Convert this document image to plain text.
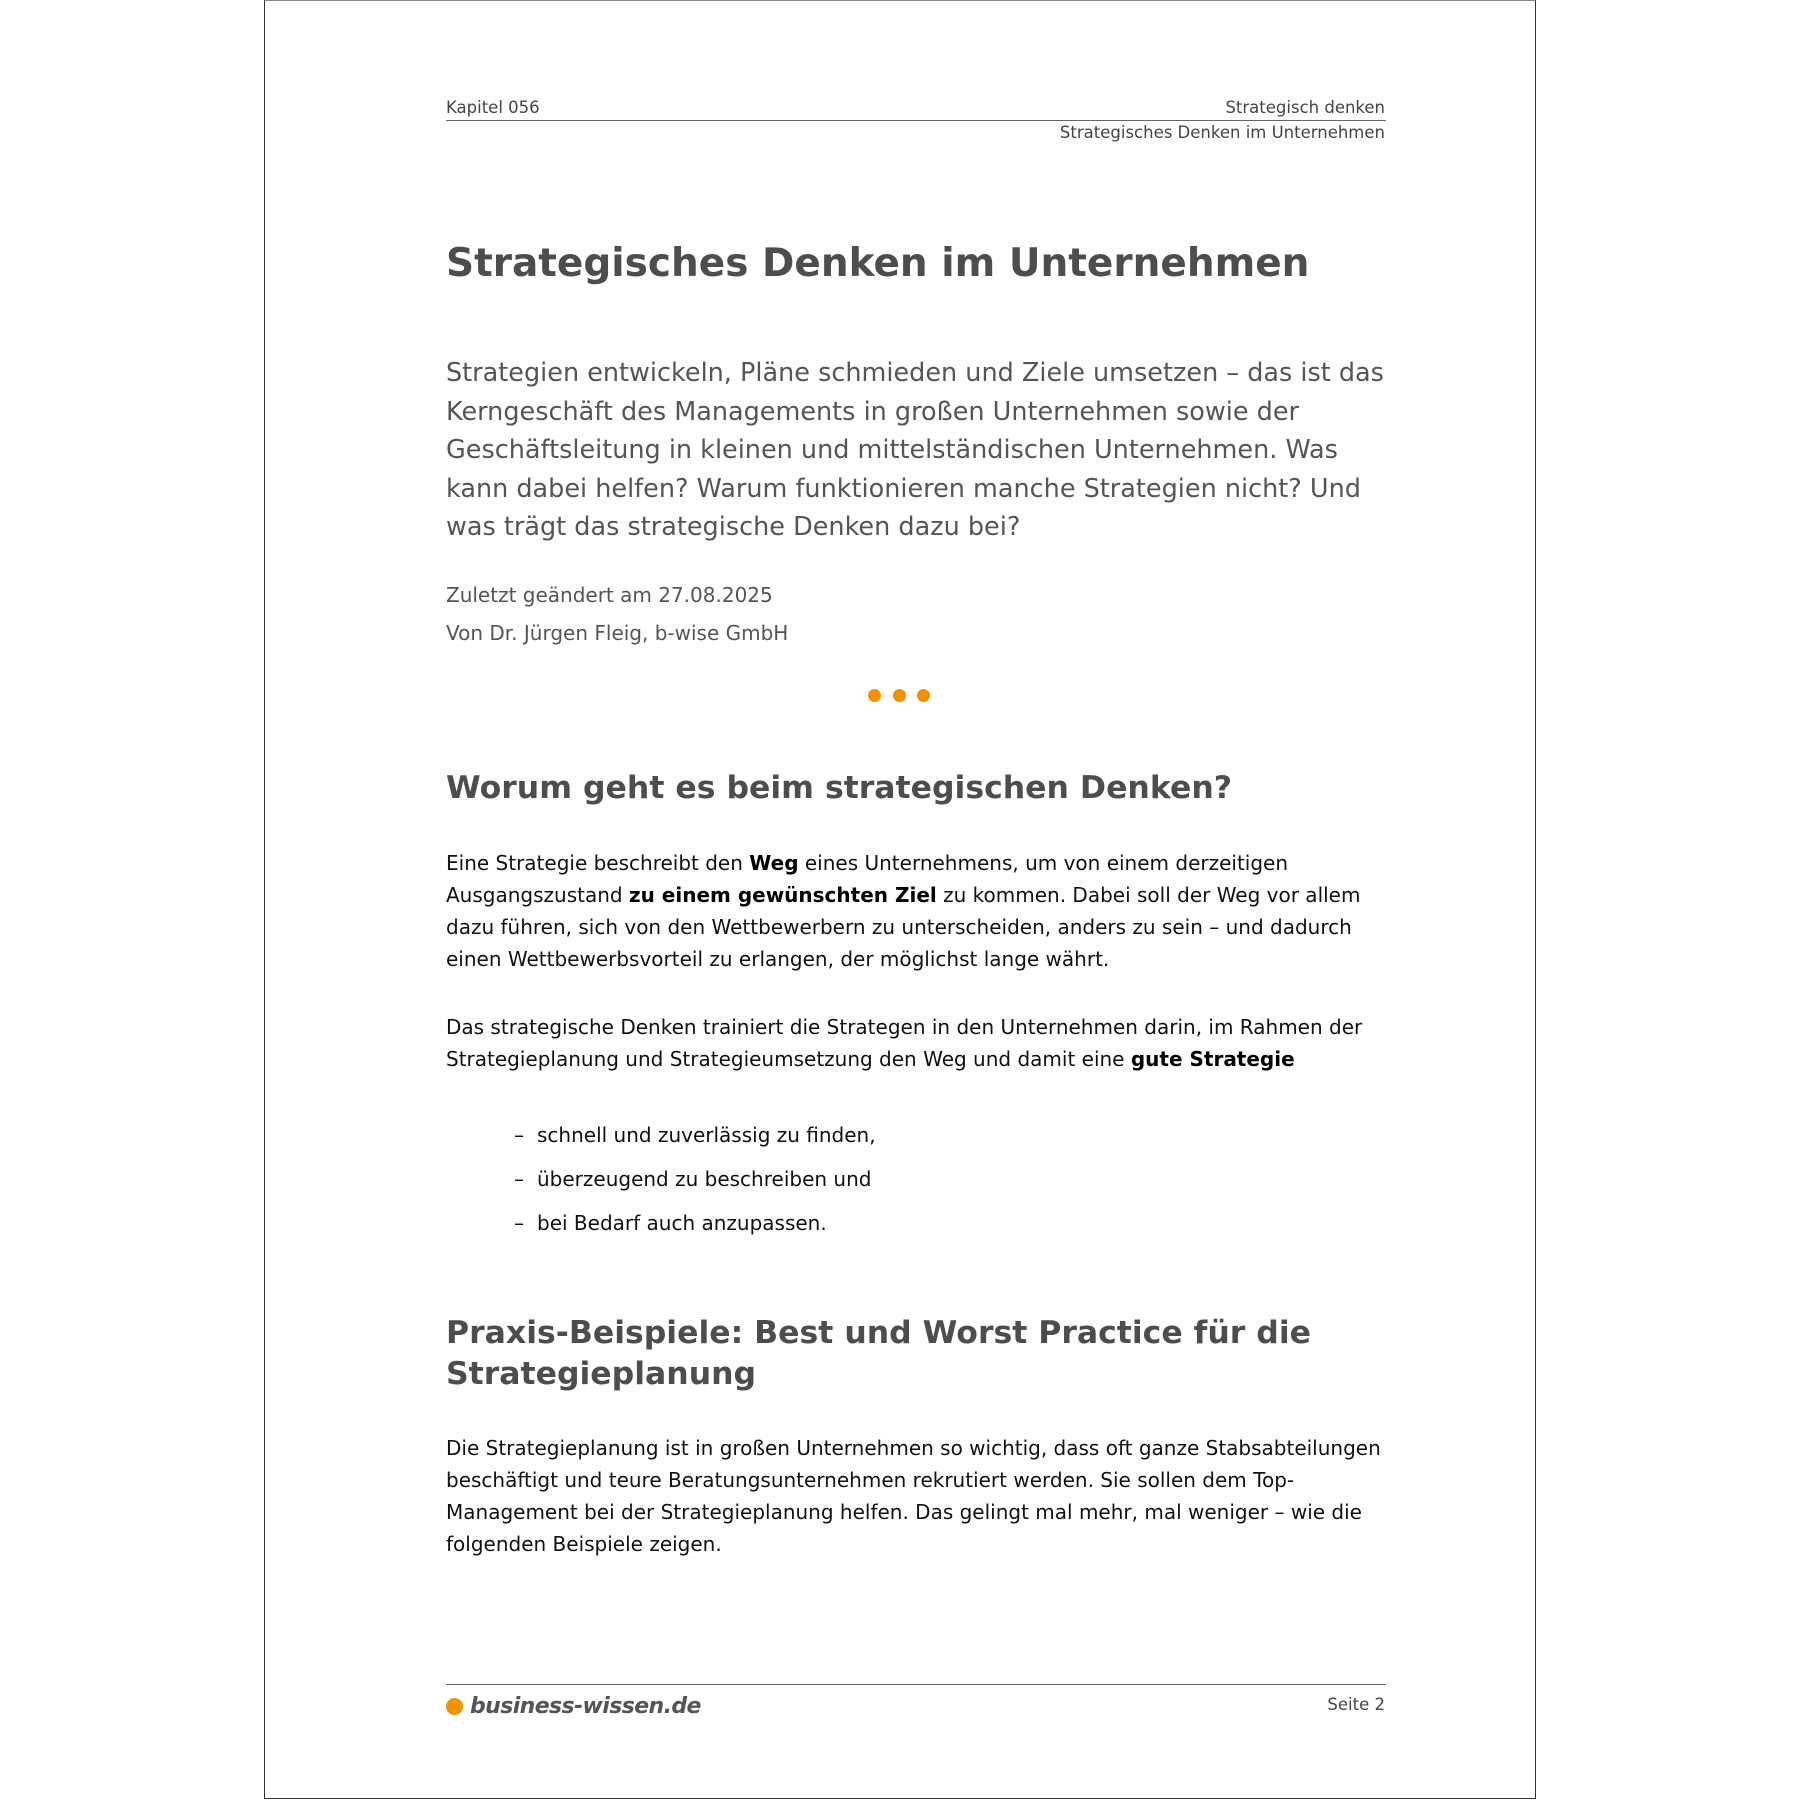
Kapitel 056	Strategisch denken
Strategisches Denken im Unternehmen
Strategisches Denken im Unternehmen

Strategien entwickeln, Pläne schmieden und Ziele umsetzen – das ist das Kerngeschäft des Managements in großen Unternehmen sowie der Geschäftsleitung in kleinen und mittelständischen Unternehmen. Was kann dabei helfen? Warum funktionieren manche Strategien nicht? Und was trägt das strategische Denken dazu bei?

Zuletzt geändert am 27.08.2025
Von Dr. Jürgen Fleig, b-wise GmbH
Worum geht es beim strategischen Denken?

Eine Strategie beschreibt den Weg eines Unternehmens, um von einem derzeitigen Ausgangszustand zu einem gewünschten Ziel zu kommen. Dabei soll der Weg vor allem dazu führen, sich von den Wettbewerbern zu unterscheiden, anders zu sein – und dadurch einen Wettbewerbsvorteil zu erlangen, der möglichst lange währt.

Das strategische Denken trainiert die Strategen in den Unternehmen darin, im Rahmen der Strategieplanung und Strategieumsetzung den Weg und damit eine gute Strategie

– schnell und zuverlässig zu finden,
– überzeugend zu beschreiben und
– bei Bedarf auch anzupassen.
Praxis-Beispiele: Best und Worst Practice für die Strategieplanung

Die Strategieplanung ist in großen Unternehmen so wichtig, dass oft ganze Stabsabteilungen beschäftigt und teure Beratungsunternehmen rekrutiert werden. Sie sollen dem Top-Management bei der Strategieplanung helfen. Das gelingt mal mehr, mal weniger – wie die folgenden Beispiele zeigen.

business-wissen.de	Seite 2
